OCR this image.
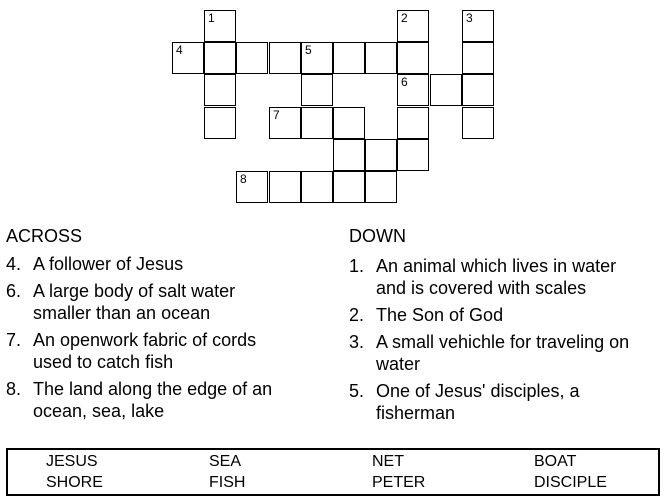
1	2	3
4	5
6
7
8
ACROSS
4. A follower of Jesus
6. A large body of salt water
smaller than an ocean
7. An openwork fabric of cords
used to catch fish
8. The land along the edge of an
ocean, sea, lake
DOWN
1. An animal which lives in water
and is covered with scales
2. The Son of God
3. A small vehichle for traveling on
water
5. One of Jesus' disciples, a
fisherman
JESUS	SEA	NET	BOAT
SHORE	FISH	PETER	DISCIPLE
